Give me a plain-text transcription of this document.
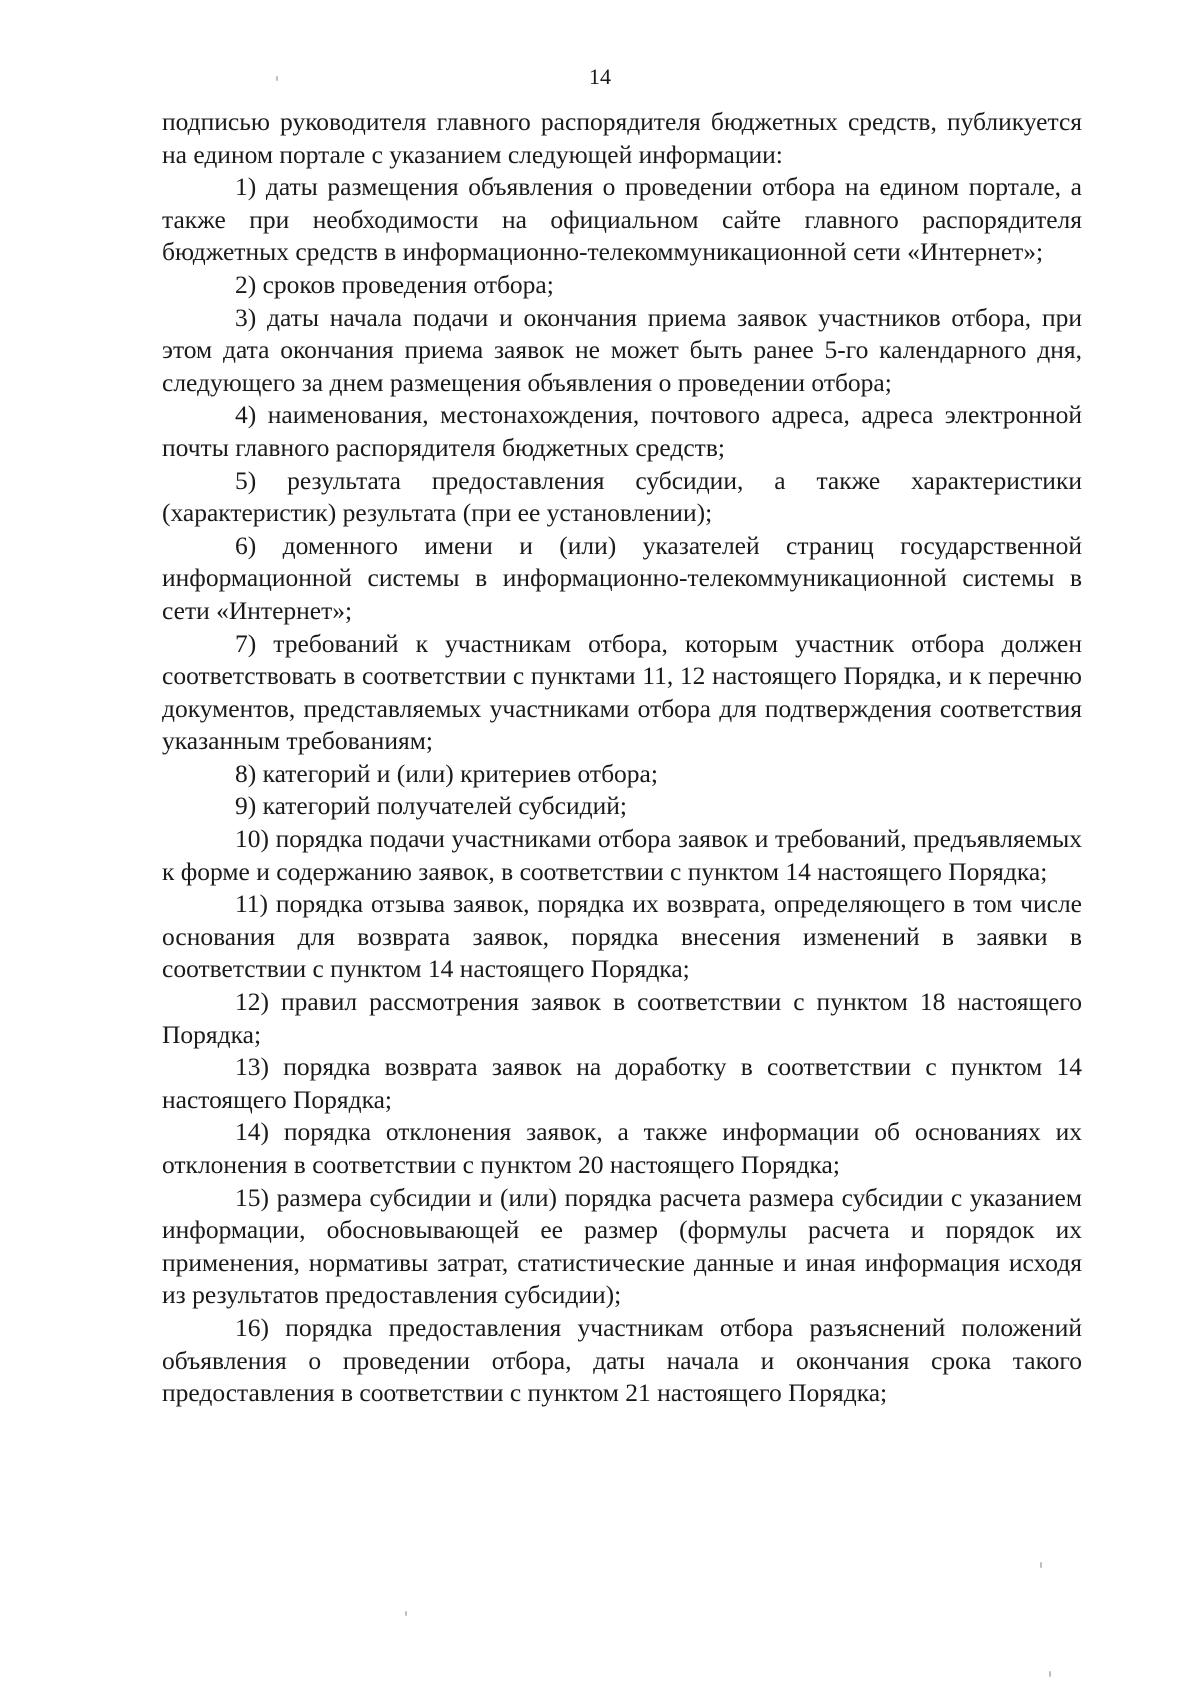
14

подписью руководителя главного распорядителя бюджетных средств, публикуется на едином портале с указанием следующей информации:

1) даты размещения объявления о проведении отбора на едином портале, а также при необходимости на официальном сайте главного распорядителя бюджетных средств в информационно-телекоммуникационной сети «Интернет»;

2) сроков проведения отбора;

3) даты начала подачи и окончания приема заявок участников отбора, при этом дата окончания приема заявок не может быть ранее 5-го календарного дня, следующего за днем размещения объявления о проведении отбора;

4) наименования, местонахождения, почтового адреса, адреса электронной почты главного распорядителя бюджетных средств;

5) результата предоставления субсидии, а также характеристики (характеристик) результата (при ее установлении);

6) доменного имени и (или) указателей страниц государственной информационной системы в информационно-телекоммуникационной системы в сети «Интернет»;

7) требований к участникам отбора, которым участник отбора должен соответствовать в соответствии с пунктами 11, 12 настоящего Порядка, и к перечню документов, представляемых участниками отбора для подтверждения соответствия указанным требованиям;

8) категорий и (или) критериев отбора;

9) категорий получателей субсидий;

10) порядка подачи участниками отбора заявок и требований, предъявляемых к форме и содержанию заявок, в соответствии с пунктом 14 настоящего Порядка;

11) порядка отзыва заявок, порядка их возврата, определяющего в том числе основания для возврата заявок, порядка внесения изменений в заявки в соответствии с пунктом 14 настоящего Порядка;

12) правил рассмотрения заявок в соответствии с пунктом 18 настоящего Порядка;

13) порядка возврата заявок на доработку в соответствии с пунктом 14 настоящего Порядка;

14) порядка отклонения заявок, а также информации об основаниях их отклонения в соответствии с пунктом 20 настоящего Порядка;

15) размера субсидии и (или) порядка расчета размера субсидии с указанием информации, обосновывающей ее размер (формулы расчета и порядок их применения, нормативы затрат, статистические данные и иная информация исходя из результатов предоставления субсидии);

16) порядка предоставления участникам отбора разъяснений положений объявления о проведении отбора, даты начала и окончания срока такого предоставления в соответствии с пунктом 21 настоящего Порядка;
